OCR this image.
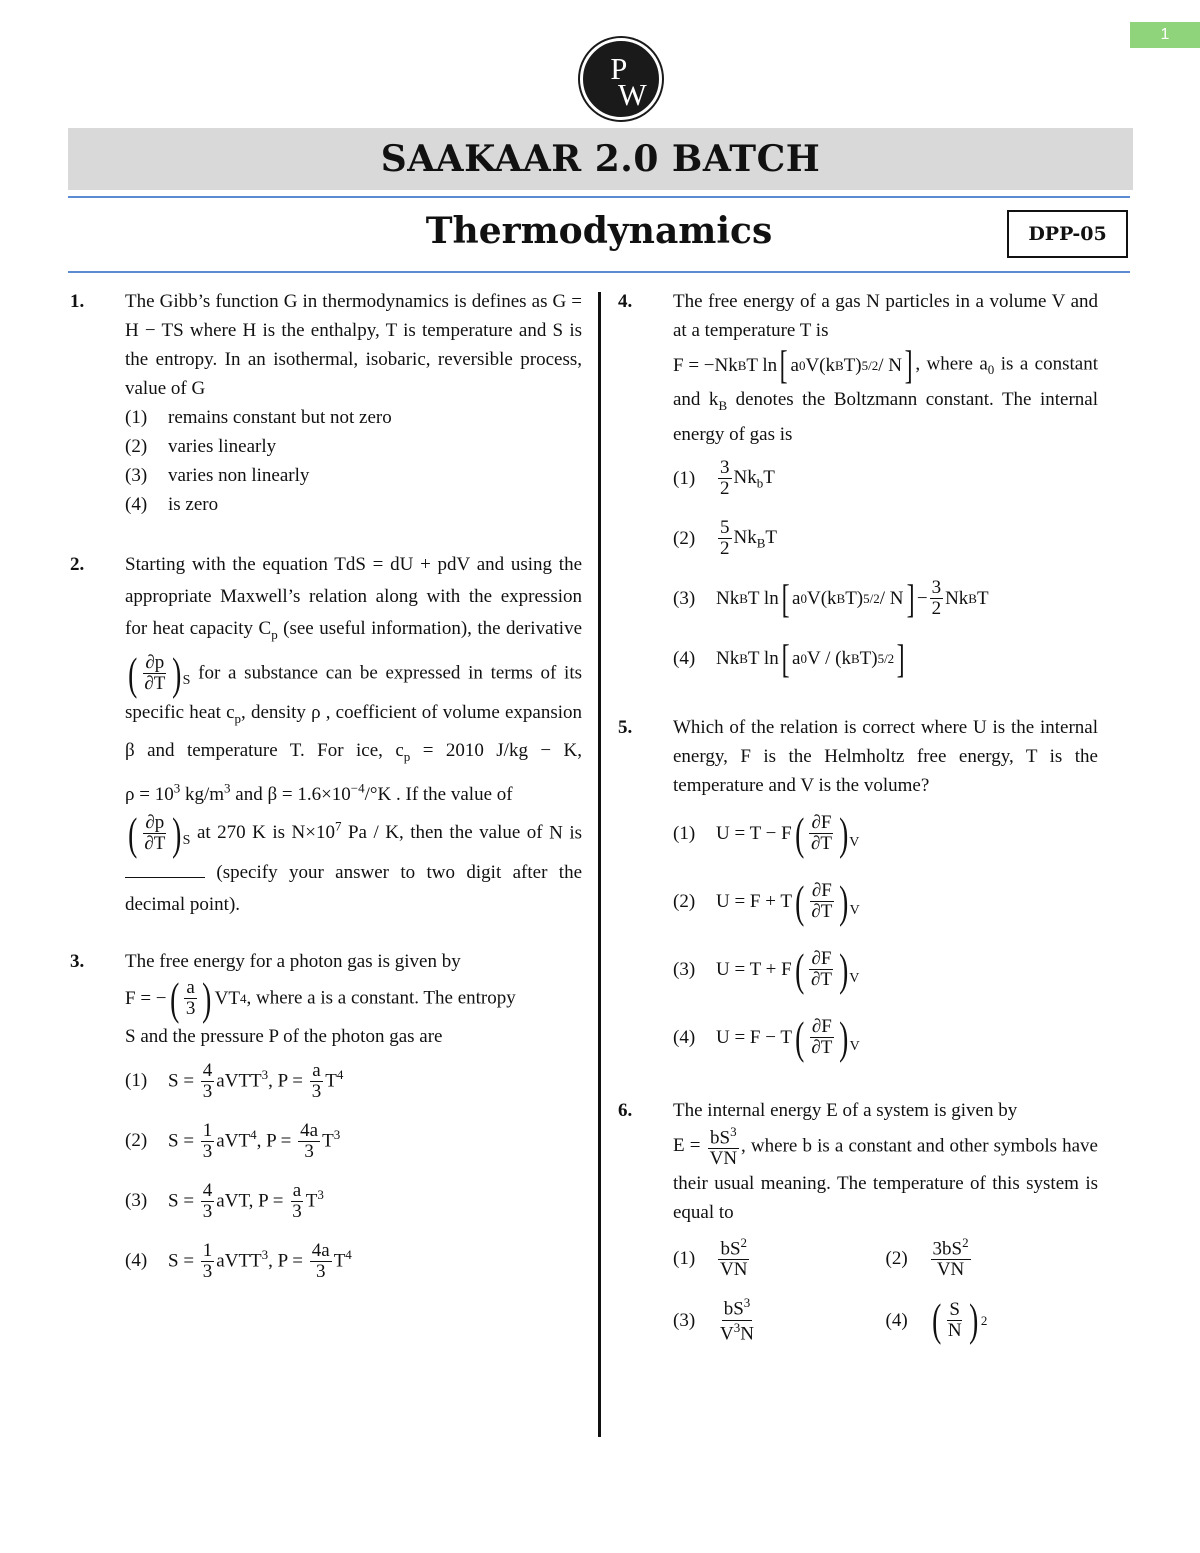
1
P
W
SAAKAAR 2.0 BATCH
Thermodynamics	DPP-05
1. The Gibb’s function G in thermodynamics is defines as G = H − TS where H is the enthalpy, T is temperature and S is the entropy. In an isothermal, isobaric, reversible process, value of G
(1)	remains constant but not zero
(2)	varies linearly
(3)	varies non linearly
(4)	is zero
2. Starting with the equation TdS = dU + pdV and using the appropriate Maxwell’s relation along with the expression for heat capacity $C_p$ (see useful information), the derivative
( $\frac{\partial p}{\partial T}$ ) S for a substance can be expressed in terms of its specific heat $c_p$, density ρ , coefficient of volume expansion β and temperature T. For ice, $c_p = 2010$ J/kg − K, $\rho = 10^3$ $kg/m^3$ and $\beta = 1.6\times 10^{-4}/^\circ K$ . If the value of

( $\frac{\partial p}{\partial T}$ ) S at 270 K is $N\times 10^7$ Pa / K, then the value of N is  (specify your answer to two digit after the decimal point).
3. The free energy for a photon gas is given by
F = − ( $\frac{a}{3}$ ) VT 4 , where a is a constant. The entropy
S and the pressure P of the photon gas are
(1)	$S = \frac{4}{3}$ aVTT$^3$, $P = \frac{a}{3} T^4$
(2)	$S = \frac{1}{3} aVT^4$, $P = \frac{4a}{3} T^3$
(3)	$S = \frac{4}{3}$ aVT, $P = \frac{a}{3} T^3$
(4)	$S = \frac{1}{3}$ aVTT$^3$, $P = \frac{4a}{3} T^4$
4. The free energy of a gas N particles in a volume V and at a temperature T is
F = −Nk B T ln [ a 0 V(k B T) 5/2 / N ] , where $a_0$ is a constant and $k_B$ denotes the Boltzmann constant. The internal energy of gas is
(1)	$\frac{3}{2} Nk_bT$
(2)	$\frac{5}{2} Nk_BT$
(3)	Nk B T ln [ a 0 V(k B T) 5/2 / N ] − $\frac{3}{2}$ Nk B T
(4)	Nk B T ln [ a 0 V / (k B T) 5/2 ]
5. Which of the relation is correct where U is the internal energy, F is the Helmholtz free energy, T is the temperature and V is the volume?
(1)	U = T − F ( $\frac{\partial F}{\partial T}$ ) V
(2)	U = F + T ( $\frac{\partial F}{\partial T}$ ) V
(3)	U = T + F ( $\frac{\partial F}{\partial T}$ ) V
(4)	U = F − T ( $\frac{\partial F}{\partial T}$ ) V
6. The internal energy E of a system is given by
$E = \frac{bS^3}{VN}$ , where b is a constant and other symbols have their usual meaning. The temperature of this system is equal to
(1)	$\frac{bS^2}{VN}$	(2)	$\frac{3bS^2}{VN}$
(3)	$\frac{bS^3}{V^3N}$	(4) ( $\frac{S}{N}$ ) 2
